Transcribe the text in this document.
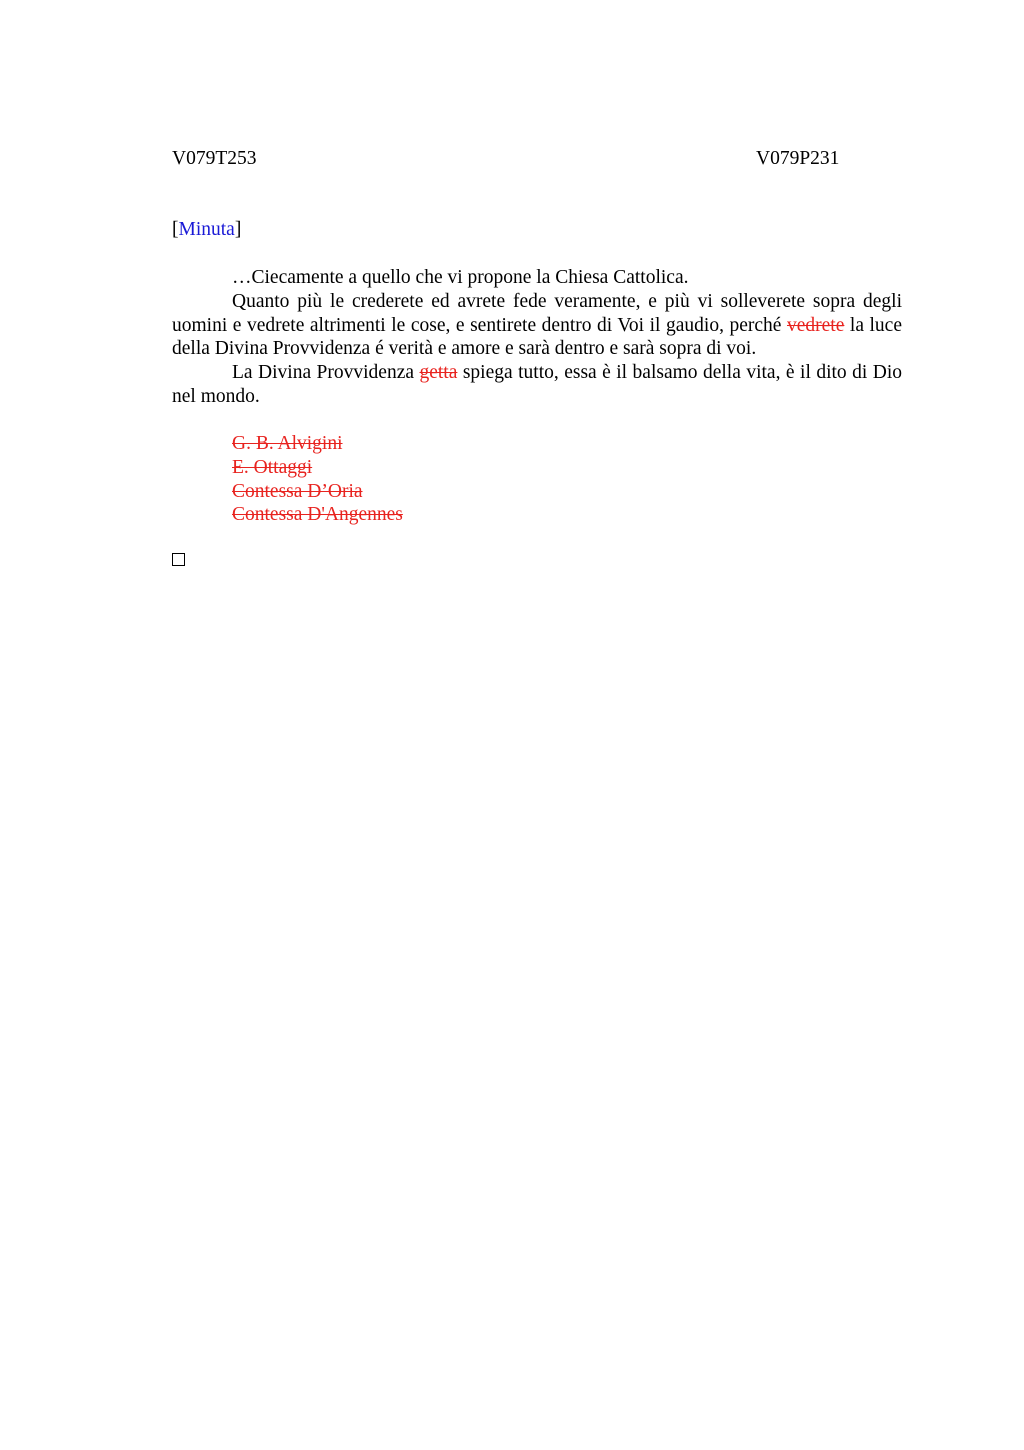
V079T253	V079P231
[Minuta]

…Ciecamente a quello che vi propone la Chiesa Cattolica.

Quanto più le crederete ed avrete fede veramente, e più vi solleverete sopra degli uomini e vedrete altrimenti le cose, e sentirete dentro di Voi il gaudio, perché vedrete la luce della Divina Provvidenza é verità e amore e sarà dentro e sarà sopra di voi.

La Divina Provvidenza getta spiega tutto, essa è il balsamo della vita, è il dito di Dio nel mondo.

G. B. Alvigini
E. Ottaggi
Contessa D’Oria
Contessa D'Angennes
